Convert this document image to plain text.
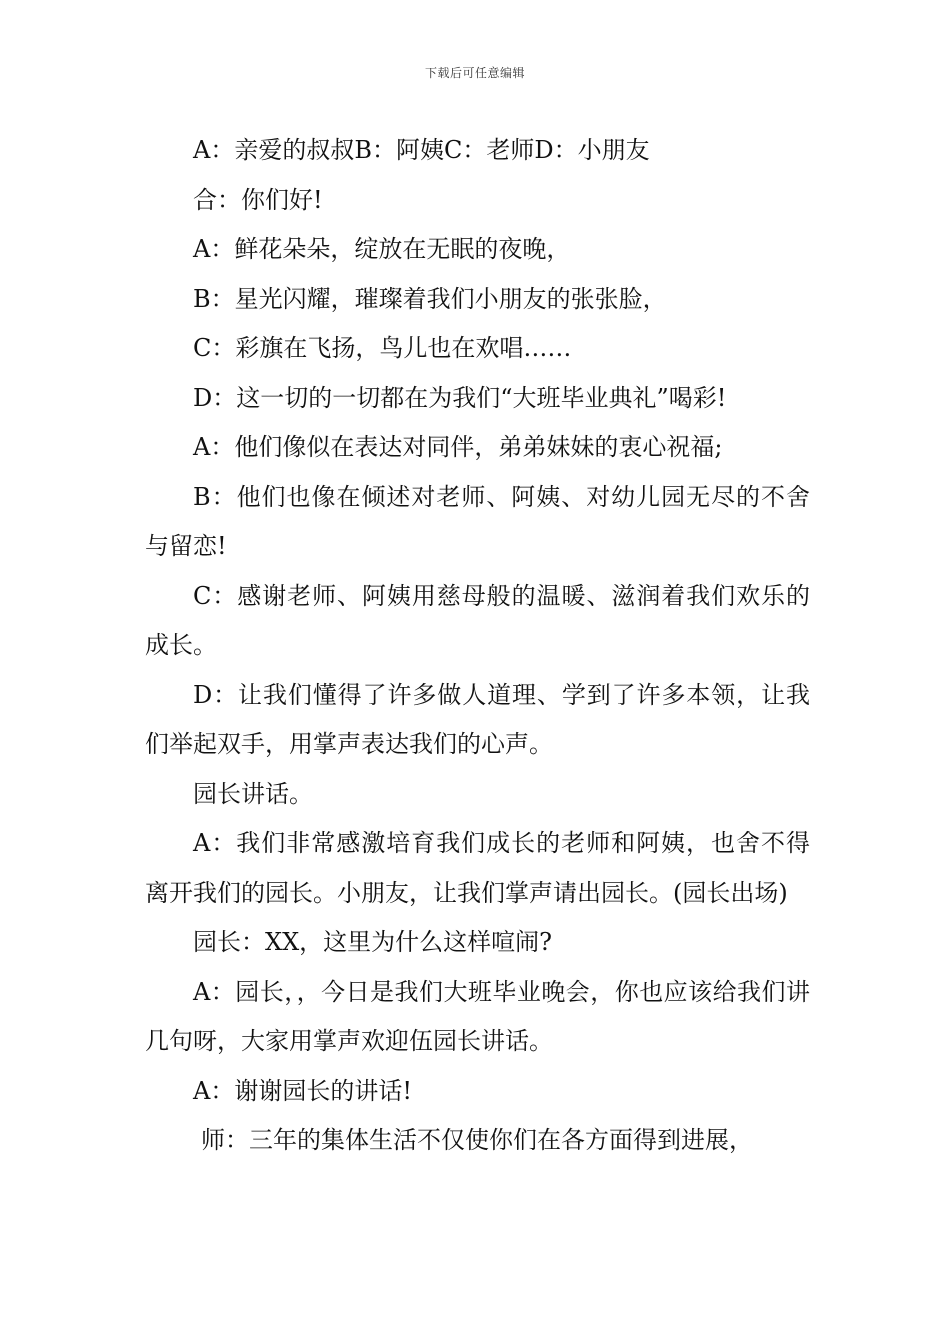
下载后可任意编辑

A：亲爱的叔叔B：阿姨C：老师D：小朋友

合：你们好!

A：鲜花朵朵，绽放在无眠的夜晚，

B：星光闪耀，璀璨着我们小朋友的张张脸，

C：彩旗在飞扬，鸟儿也在欢唱……

D：这一切的一切都在为我们“大班毕业典礼”喝彩!

A：他们像似在表达对同伴，弟弟妹妹的衷心祝福;

B：他们也像在倾述对老师、阿姨、对幼儿园无尽的不舍与留恋!

C：感谢老师、阿姨用慈母般的温暖、滋润着我们欢乐的成长。

D：让我们懂得了许多做人道理、学到了许多本领，让我们举起双手，用掌声表达我们的心声。

园长讲话。

A：我们非常感激培育我们成长的老师和阿姨，也舍不得离开我们的园长。小朋友，让我们掌声请出园长。(园长出场)

园长：XX，这里为什么这样喧闹?

A：园长，，今日是我们大班毕业晚会，你也应该给我们讲几句呀，大家用掌声欢迎伍园长讲话。

A：谢谢园长的讲话!

师：三年的集体生活不仅使你们在各方面得到进展，
